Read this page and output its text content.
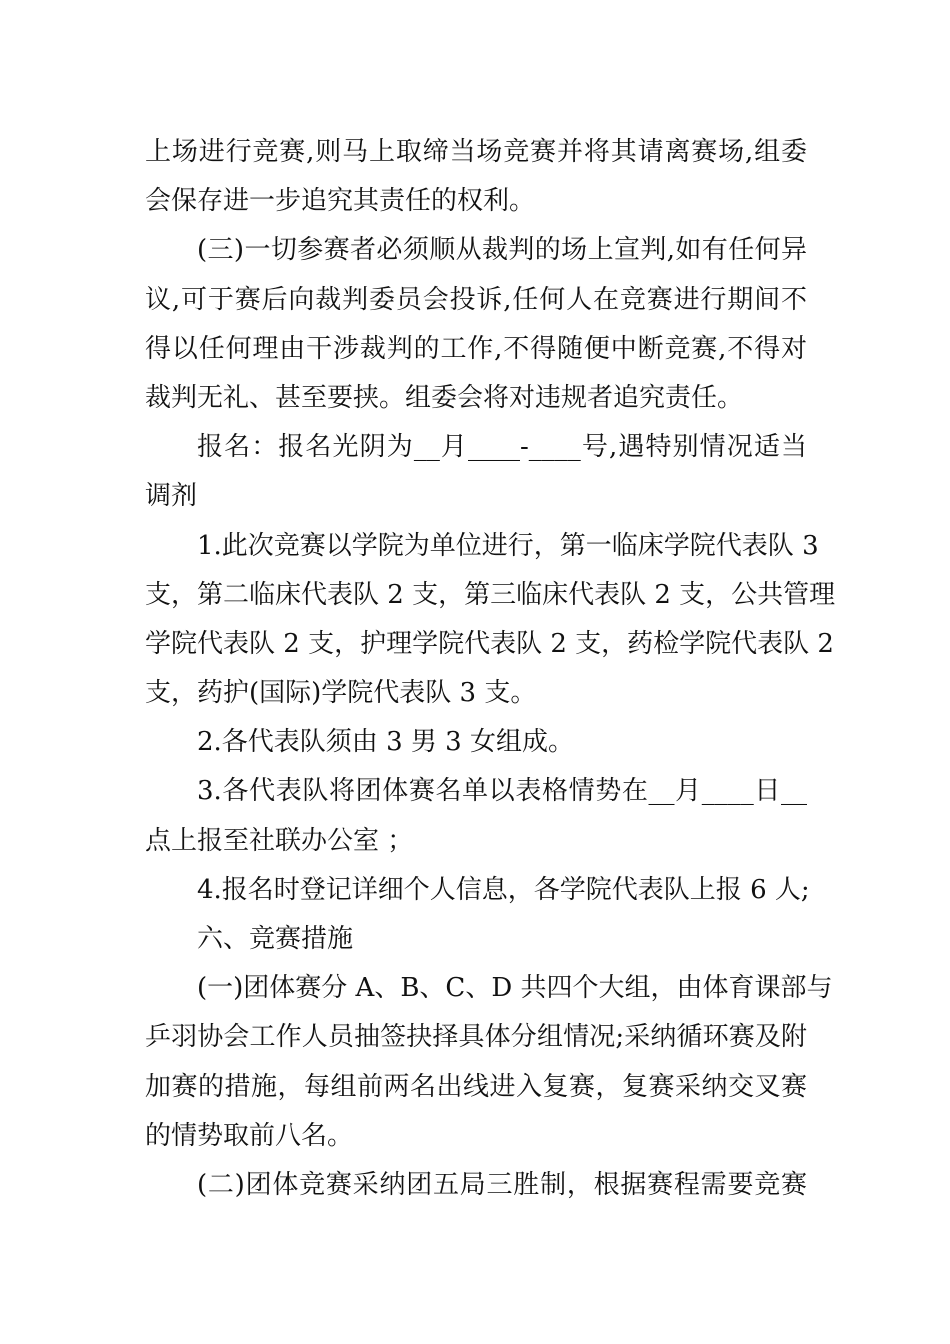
上场进行竞赛,则马上取缔当场竞赛并将其请离赛场,组委
会保存进一步追究其责任的权利。
(三)一切参赛者必须顺从裁判的场上宣判,如有任何异
议,可于赛后向裁判委员会投诉,任何人在竞赛进行期间不
得以任何理由干涉裁判的工作,不得随便中断竞赛,不得对
裁判无礼、甚至要挟。组委会将对违规者追究责任。
报名：报名光阴为__月____-____号,遇特别情况适当
调剂
1.此次竞赛以学院为单位进行，第一临床学院代表队 3
支，第二临床代表队 2 支，第三临床代表队 2 支，公共管理
学院代表队 2 支，护理学院代表队 2 支，药检学院代表队 2
支，药护(国际)学院代表队 3 支。
2.各代表队须由 3 男 3 女组成。
3.各代表队将团体赛名单以表格情势在__月____日__
点上报至社联办公室 ；
4.报名时登记详细个人信息，各学院代表队上报 6 人;
六、竞赛措施
(一)团体赛分 A、B、C、D 共四个大组，由体育课部与
乒羽协会工作人员抽签抉择具体分组情况;采纳循环赛及附
加赛的措施，每组前两名出线进入复赛，复赛采纳交叉赛
的情势取前八名。
(二)团体竞赛采纳团五局三胜制，根据赛程需要竞赛
